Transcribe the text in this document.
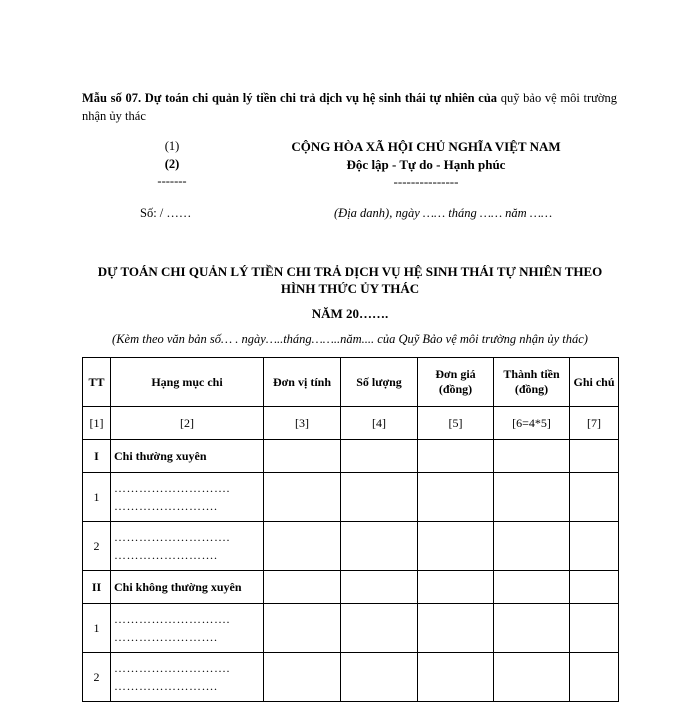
Mẫu số 07. Dự toán chi quản lý tiền chi trả dịch vụ hệ sinh thái tự nhiên của quỹ bảo vệ môi trường nhận ủy thác
(1)
(2)
-------
CỘNG HÒA XÃ HỘI CHỦ NGHĨA VIỆT NAM
Độc lập - Tự do - Hạnh phúc
---------------
Số: / ……	(Địa danh), ngày …… tháng …… năm ……
DỰ TOÁN CHI QUẢN LÝ TIỀN CHI TRẢ DỊCH VỤ HỆ SINH THÁI TỰ NHIÊN THEO
HÌNH THỨC ỦY THÁC
NĂM 20…….
(Kèm theo văn bản số… . ngày…..tháng……..năm.... của Quỹ Bảo vệ môi trường nhận ủy thác)
TT	Hạng mục chi	Đơn vị tính	Số lượng	Đơn giá (đồng)	Thành tiền (đồng)	Ghi chú
[1]	[2]	[3]	[4]	[5]	[6=4*5]	[7]
I	Chi thường xuyên					
1	……………………….
…………………….					

2	……………………….
…………………….					

II	Chi không thường xuyên					
1	……………………….
…………………….					

2	……………………….
…………………….					
